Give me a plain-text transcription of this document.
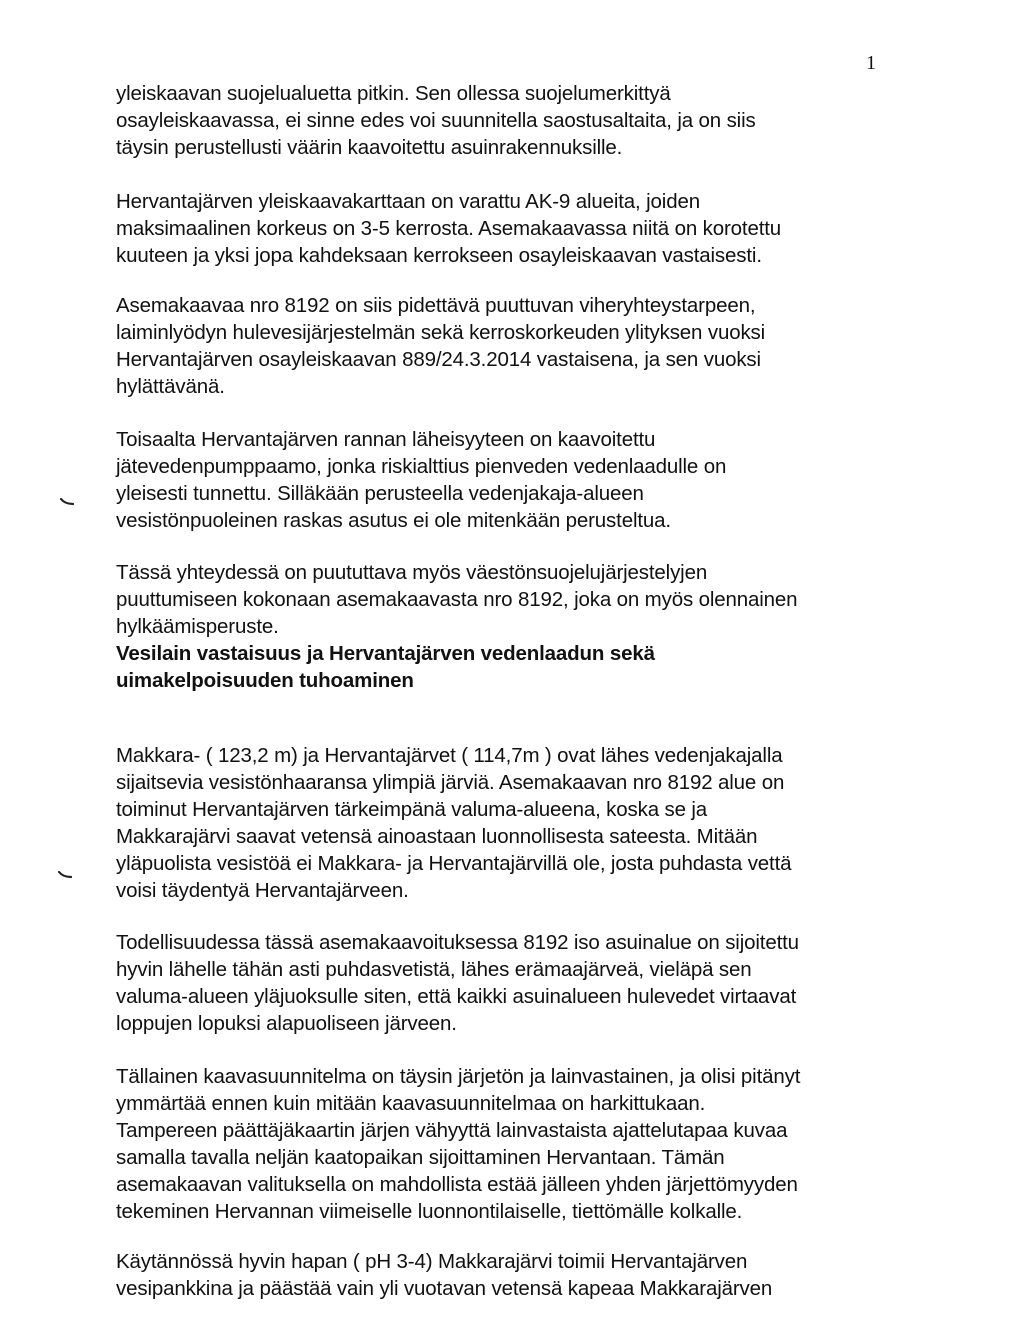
1

yleiskaavan suojelualuetta pitkin. Sen ollessa suojelumerkittyä
osayleiskaavassa, ei sinne edes voi suunnitella saostusaltaita, ja on siis
täysin perustellusti väärin kaavoitettu asuinrakennuksille.

Hervantajärven yleiskaavakarttaan on varattu AK-9 alueita, joiden
maksimaalinen korkeus on 3-5 kerrosta. Asemakaavassa niitä on korotettu
kuuteen ja yksi jopa kahdeksaan kerrokseen osayleiskaavan vastaisesti.

Asemakaavaa nro 8192 on siis pidettävä puuttuvan viheryhteystarpeen,
laiminlyödyn hulevesijärjestelmän sekä kerroskorkeuden ylityksen vuoksi
Hervantajärven osayleiskaavan 889/24.3.2014 vastaisena, ja sen vuoksi
hylättävänä.

Toisaalta Hervantajärven rannan läheisyyteen on kaavoitettu
jätevedenpumppaamo, jonka riskialttius pienveden vedenlaadulle on
yleisesti tunnettu. Silläkään perusteella vedenjakaja-alueen
vesistönpuoleinen raskas asutus ei ole mitenkään perusteltua.

Tässä yhteydessä on puututtava myös väestönsuojelujärjestelyjen
puuttumiseen kokonaan asemakaavasta nro 8192, joka on myös olennainen
hylkäämisperuste.

Vesilain vastaisuus ja Hervantajärven vedenlaadun sekä
uimakelpoisuuden tuhoaminen

Makkara- ( 123,2 m) ja Hervantajärvet ( 114,7m ) ovat lähes vedenjakajalla
sijaitsevia vesistönhaaransa ylimpiä järviä. Asemakaavan nro 8192 alue on
toiminut Hervantajärven tärkeimpänä valuma-alueena, koska se ja
Makkarajärvi saavat vetensä ainoastaan luonnollisesta sateesta. Mitään
yläpuolista vesistöä ei Makkara- ja Hervantajärvillä ole, josta puhdasta vettä
voisi täydentyä Hervantajärveen.

Todellisuudessa tässä asemakaavoituksessa 8192 iso asuinalue on sijoitettu
hyvin lähelle tähän asti puhdasvetistä, lähes erämaajärveä, vieläpä sen
valuma-alueen yläjuoksulle siten, että kaikki asuinalueen hulevedet virtaavat
loppujen lopuksi alapuoliseen järveen.

Tällainen kaavasuunnitelma on täysin järjetön ja lainvastainen, ja olisi pitänyt
ymmärtää ennen kuin mitään kaavasuunnitelmaa on harkittukaan.
Tampereen päättäjäkaartin järjen vähyyttä lainvastaista ajattelutapaa kuvaa
samalla tavalla neljän kaatopaikan sijoittaminen Hervantaan. Tämän
asemakaavan valituksella on mahdollista estää jälleen yhden järjettömyyden
tekeminen Hervannan viimeiselle luonnontilaiselle, tiettömälle kolkalle.

Käytännössä hyvin hapan ( pH 3-4) Makkarajärvi toimii Hervantajärven
vesipankkina ja päästää vain yli vuotavan vetensä kapeaa Makkarajärven
